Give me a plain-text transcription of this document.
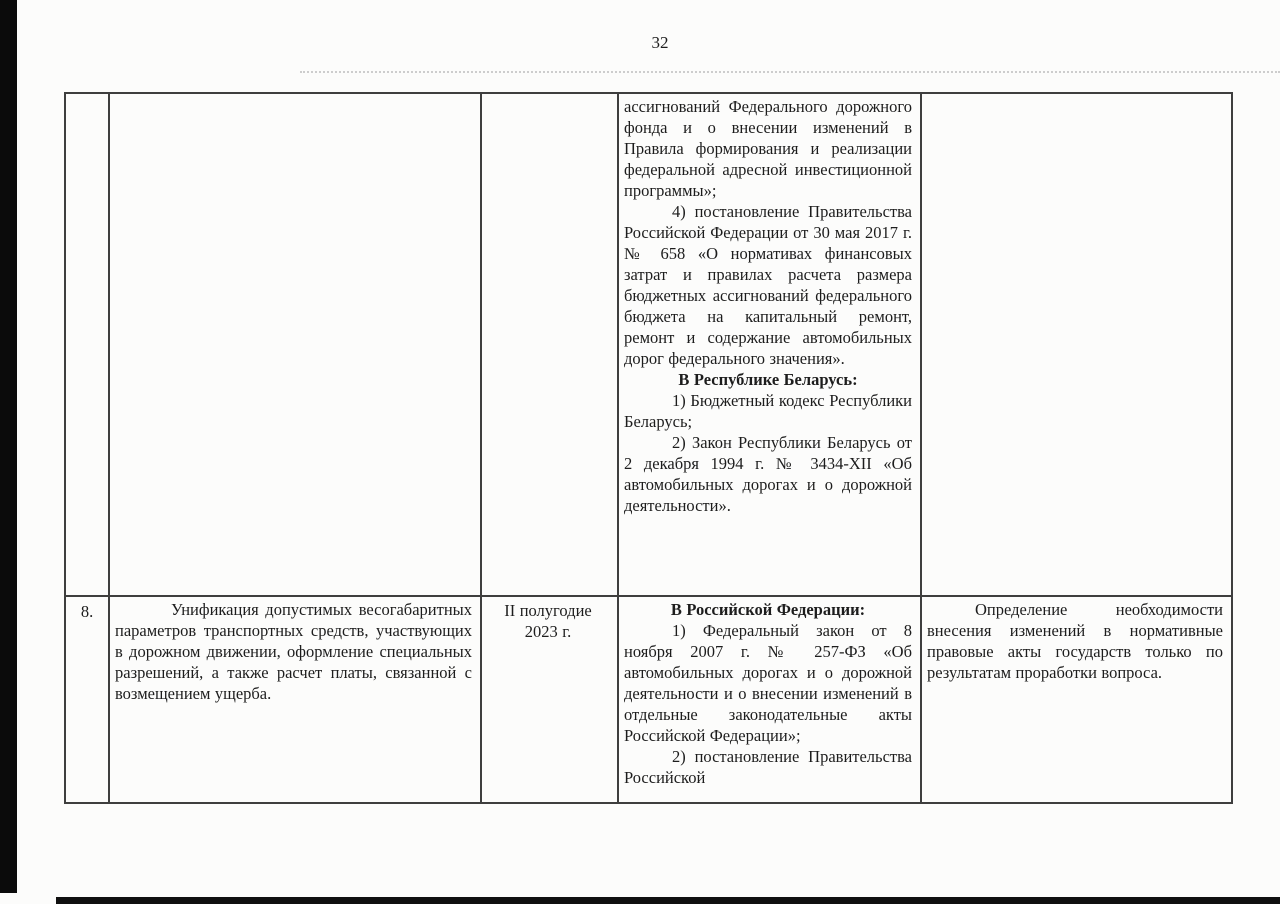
32

			ассигнований Федерального дорожного фонда и о внесении изменений в Правила формирования и реализации федеральной адресной инвестиционной программы»;

4) постановление Правительства Российской Федерации от 30 мая 2017 г. № 658 «О нормативах финансовых затрат и правилах расчета размера бюджетных ассигнований федерального бюджета на капитальный ремонт, ремонт и содержание автомобильных дорог федерального значения».

В Республике Беларусь:

1) Бюджетный кодекс Республики Беларусь;

2) Закон Республики Беларусь от 2 декабря 1994 г. № 3434-XII «Об автомобильных дорогах и о дорожной деятельности».	

8.	Унификация допустимых весогабаритных параметров транспортных средств, участвующих в дорожном движении, оформление специальных разрешений, а также расчет платы, связанной с возмещением ущерба.	II полугодие 2023 г.	В Российской Федерации:

1) Федеральный закон от 8 ноября 2007 г. № 257-ФЗ «Об автомобильных дорогах и о дорожной деятельности и о внесении изменений в отдельные законодательные акты Российской Федерации»;

2) постановление Правительства Российской	Определение необходимости внесения изменений в нормативные правовые акты государств только по результатам проработки вопроса.
